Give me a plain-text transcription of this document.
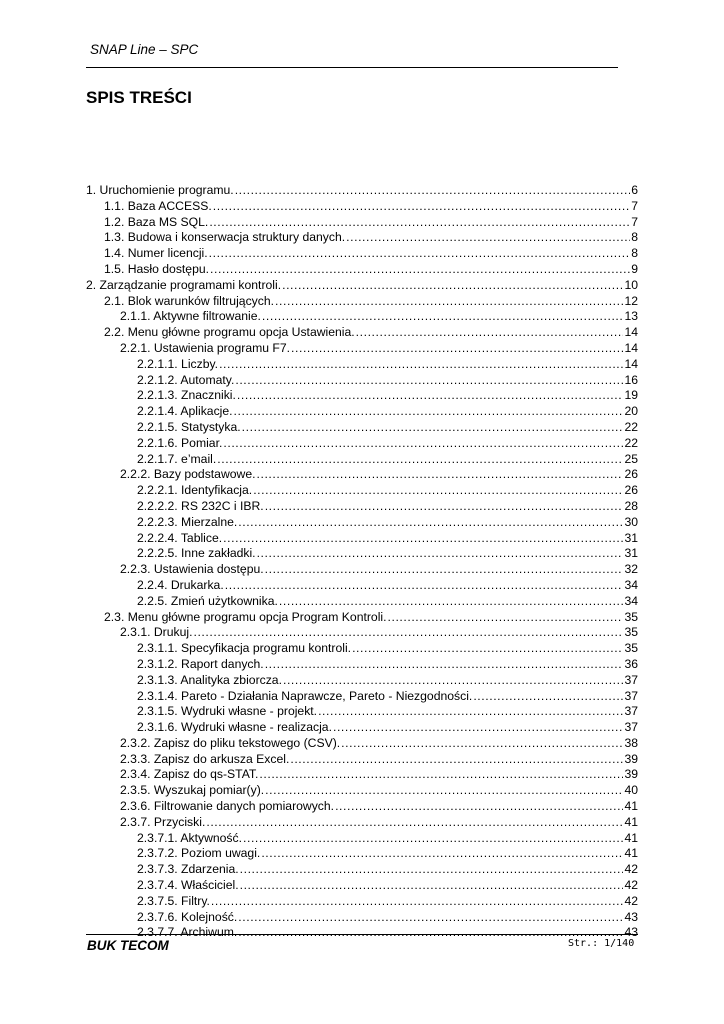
SNAP Line – SPC
SPIS TREŚCI
1. Uruchomienie programu. . . .	6
1.1. Baza ACCESS. . . .	7
1.2. Baza MS SQL. . . .	7
1.3. Budowa i konserwacja struktury danych. . . .	8
1.4. Numer licencji. . . .	8
1.5. Hasło dostępu. . . .	9
2. Zarządzanie programami kontroli. . . .	10
2.1. Blok warunków filtrujących. . . .	12
2.1.1. Aktywne filtrowanie. . . .	13
2.2. Menu główne programu opcja Ustawienia. . . .	14
2.2.1. Ustawienia programu F7. . . .	14
2.2.1.1. Liczby. . . .	14
2.2.1.2. Automaty. . . .	16
2.2.1.3. Znaczniki. . . .	19
2.2.1.4. Aplikacje. . . .	20
2.2.1.5. Statystyka. . . .	22
2.2.1.6. Pomiar. . . .	22
2.2.1.7. e’mail. . . .	25
2.2.2. Bazy podstawowe. . . .	26
2.2.2.1. Identyfikacja. . . .	26
2.2.2.2. RS 232C i IBR. . . .	28
2.2.2.3. Mierzalne. . . .	30
2.2.2.4. Tablice. . . .	31
2.2.2.5. Inne zakładki. . . .	31
2.2.3. Ustawienia dostępu. . . .	32
2.2.4. Drukarka. . . .	34
2.2.5. Zmień użytkownika. . . .	34
2.3. Menu główne programu opcja Program Kontroli. . . .	35
2.3.1. Drukuj. . . .	35
2.3.1.1. Specyfikacja programu kontroli. . . .	35
2.3.1.2. Raport danych. . . .	36
2.3.1.3. Analityka zbiorcza. . . .	37
2.3.1.4. Pareto - Działania Naprawcze, Pareto - Niezgodności. . . .	37
2.3.1.5. Wydruki własne - projekt. . . .	37
2.3.1.6. Wydruki własne - realizacja. . . .	37
2.3.2. Zapisz do pliku tekstowego (CSV). . . .	38
2.3.3. Zapisz do arkusza Excel. . . .	39
2.3.4. Zapisz do qs-STAT. . . .	39
2.3.5. Wyszukaj pomiar(y). . . .	40
2.3.6. Filtrowanie danych pomiarowych. . . .	41
2.3.7. Przyciski. . . .	41
2.3.7.1. Aktywność. . . .	41
2.3.7.2. Poziom uwagi. . . .	41
2.3.7.3. Zdarzenia. . . .	42
2.3.7.4. Właściciel. . . .	42
2.3.7.5. Filtry. . . .	42
2.3.7.6. Kolejność. . . .	43
2.3.7.7. Archiwum. . . .	43
BUK TECOM	Str.: 1/140
